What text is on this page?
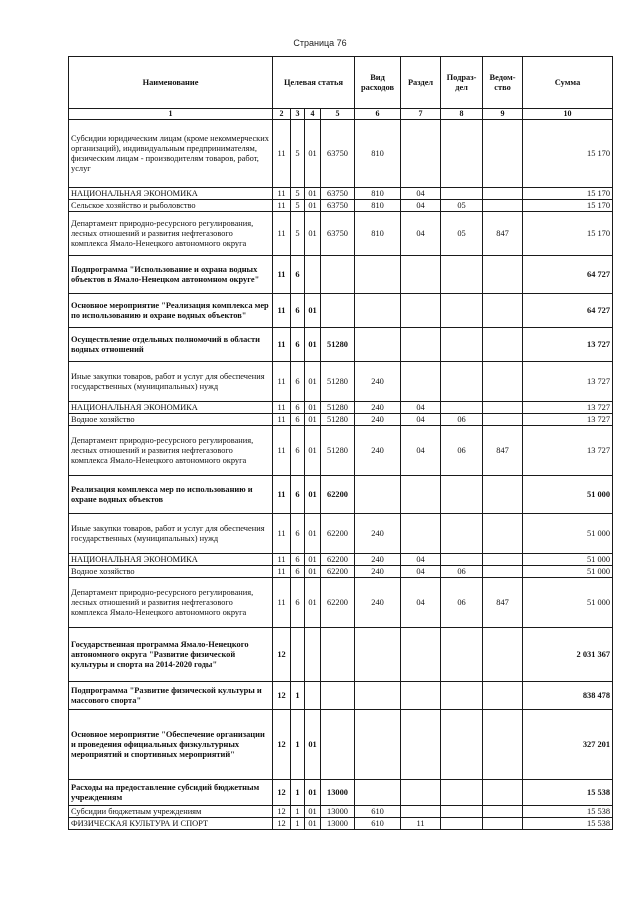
Страница 76
Наименование	Целевая статья				Вид расходов	Раздел	Подраз-дел	Ведом-ство	Сумма
1	2	3	4	5	6	7	8	9	10
Субсидии юридическим лицам (кроме некоммерческих организаций), индивидуальным предпринимателям, физическим лицам - производителям товаров, работ, услуг	11	5	01	63750	810				15 170
НАЦИОНАЛЬНАЯ ЭКОНОМИКА	11	5	01	63750	810	04			15 170
Сельское хозяйство и рыболовство	11	5	01	63750	810	04	05		15 170
Департамент природно-ресурсного регулирования, лесных отношений и развития нефтегазового комплекса Ямало-Ненецкого автономного округа	11	5	01	63750	810	04	05	847	15 170
Подпрограмма "Использование и охрана водных объектов в Ямало-Ненецком автономном округе"	11	6							64 727
Основное мероприятие "Реализация комплекса мер по использованию и охране водных объектов"	11	6	01						64 727
Осуществление отдельных полномочий в области водных отношений	11	6	01	51280					13 727
Иные закупки товаров, работ и услуг для обеспечения государственных (муниципальных) нужд	11	6	01	51280	240				13 727
НАЦИОНАЛЬНАЯ ЭКОНОМИКА	11	6	01	51280	240	04			13 727
Водное хозяйство	11	6	01	51280	240	04	06		13 727
Департамент природно-ресурсного регулирования, лесных отношений и развития нефтегазового комплекса Ямало-Ненецкого автономного округа	11	6	01	51280	240	04	06	847	13 727
Реализация комплекса мер по использованию и охране водных объектов	11	6	01	62200					51 000
Иные закупки товаров, работ и услуг для обеспечения государственных (муниципальных) нужд	11	6	01	62200	240				51 000
НАЦИОНАЛЬНАЯ ЭКОНОМИКА	11	6	01	62200	240	04			51 000
Водное хозяйство	11	6	01	62200	240	04	06		51 000
Департамент природно-ресурсного регулирования, лесных отношений и развития нефтегазового комплекса Ямало-Ненецкого автономного округа	11	6	01	62200	240	04	06	847	51 000
Государственная программа Ямало-Ненецкого автономного округа "Развитие физической культуры и спорта на 2014-2020 годы"	12								2 031 367
Подпрограмма "Развитие физической культуры и массового спорта"	12	1							838 478
Основное мероприятие "Обеспечение организации и проведения официальных физкультурных мероприятий и спортивных мероприятий"	12	1	01						327 201
Расходы на предоставление субсидий бюджетным учреждениям	12	1	01	13000					15 538
Субсидии бюджетным учреждениям	12	1	01	13000	610				15 538
ФИЗИЧЕСКАЯ КУЛЬТУРА И СПОРТ	12	1	01	13000	610	11			15 538
